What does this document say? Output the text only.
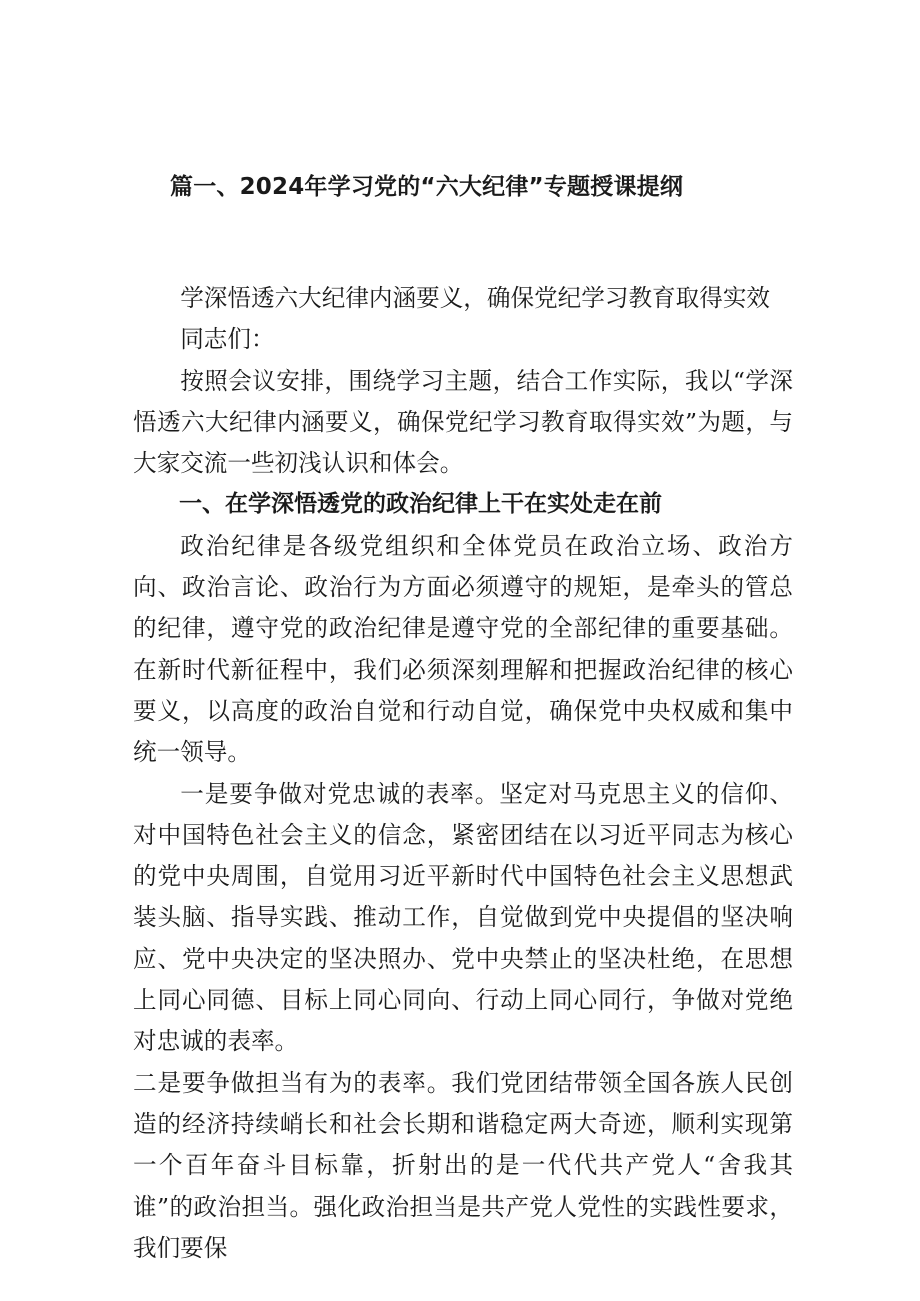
篇一、2024年学习党的“六大纪律”专题授课提纲

学深悟透六大纪律内涵要义，确保党纪学习教育取得实效

同志们：

按照会议安排，围绕学习主题，结合工作实际，我以“学深悟透六大纪律内涵要义，确保党纪学习教育取得实效”为题，与大家交流一些初浅认识和体会。

一、在学深悟透党的政治纪律上干在实处走在前

政治纪律是各级党组织和全体党员在政治立场、政治方向、政治言论、政治行为方面必须遵守的规矩，是牵头的管总的纪律，遵守党的政治纪律是遵守党的全部纪律的重要基础。在新时代新征程中，我们必须深刻理解和把握政治纪律的核心要义，以高度的政治自觉和行动自觉，确保党中央权威和集中统一领导。

一是要争做对党忠诚的表率。坚定对马克思主义的信仰、对中国特色社会主义的信念，紧密团结在以习近平同志为核心的党中央周围，自觉用习近平新时代中国特色社会主义思想武装头脑、指导实践、推动工作，自觉做到党中央提倡的坚决响应、党中央决定的坚决照办、党中央禁止的坚决杜绝，在思想上同心同德、目标上同心同向、行动上同心同行，争做对党绝对忠诚的表率。

二是要争做担当有为的表率。我们党团结带领全国各族人民创造的经济持续峭长和社会长期和谐稳定两大奇迹，顺利实现第一个百年奋斗目标靠，折射出的是一代代共产党人“舍我其谁”的政治担当。强化政治担当是共产党人党性的实践性要求，我们要保
